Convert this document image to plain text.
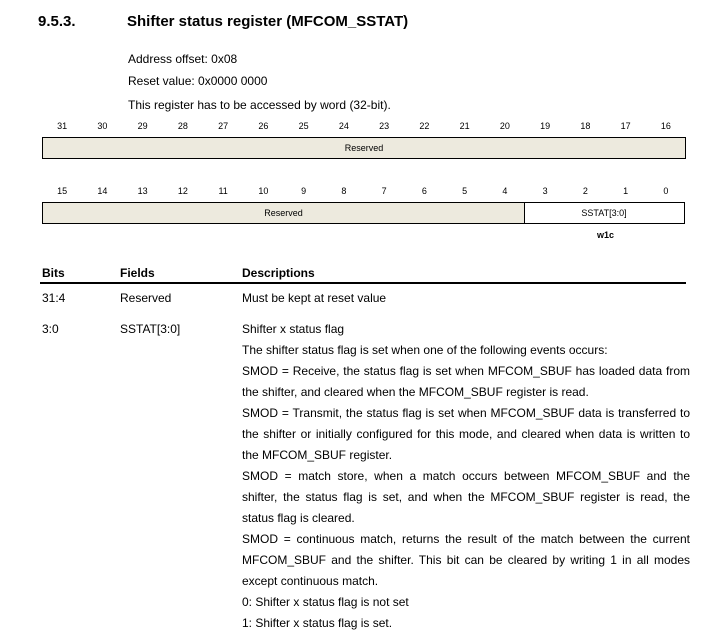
9.5.3.	Shifter status register (MFCOM_SSTAT)
Address offset: 0x08
Reset value: 0x0000 0000
This register has to be accessed by word (32-bit).
31	30	29	28	27	26	25	24	23	22	21	20	19	18	17	16
Reserved
15	14	13	12	11	10	9	8	7	6	5	4	3	2	1	0
Reserved	SSTAT[3:0]
w1c
Bits	Fields	Descriptions
31:4	Reserved	Must be kept at reset value
3:0	SSTAT[3:0]	Shifter x status flag

The shifter status flag is set when one of the following events occurs:

SMOD = Receive, the status flag is set when MFCOM_SBUF has loaded data from the shifter, and cleared when the MFCOM_SBUF register is read.

SMOD = Transmit, the status flag is set when MFCOM_SBUF data is transferred to the shifter or initially configured for this mode, and cleared when data is written to the MFCOM_SBUF register.

SMOD = match store, when a match occurs between MFCOM_SBUF and the shifter, the status flag is set, and when the MFCOM_SBUF register is read, the status flag is cleared.

SMOD = continuous match, returns the result of the match between the current MFCOM_SBUF and the shifter. This bit can be cleared by writing 1 in all modes except continuous match.

0: Shifter x status flag is not set

1: Shifter x status flag is set.
